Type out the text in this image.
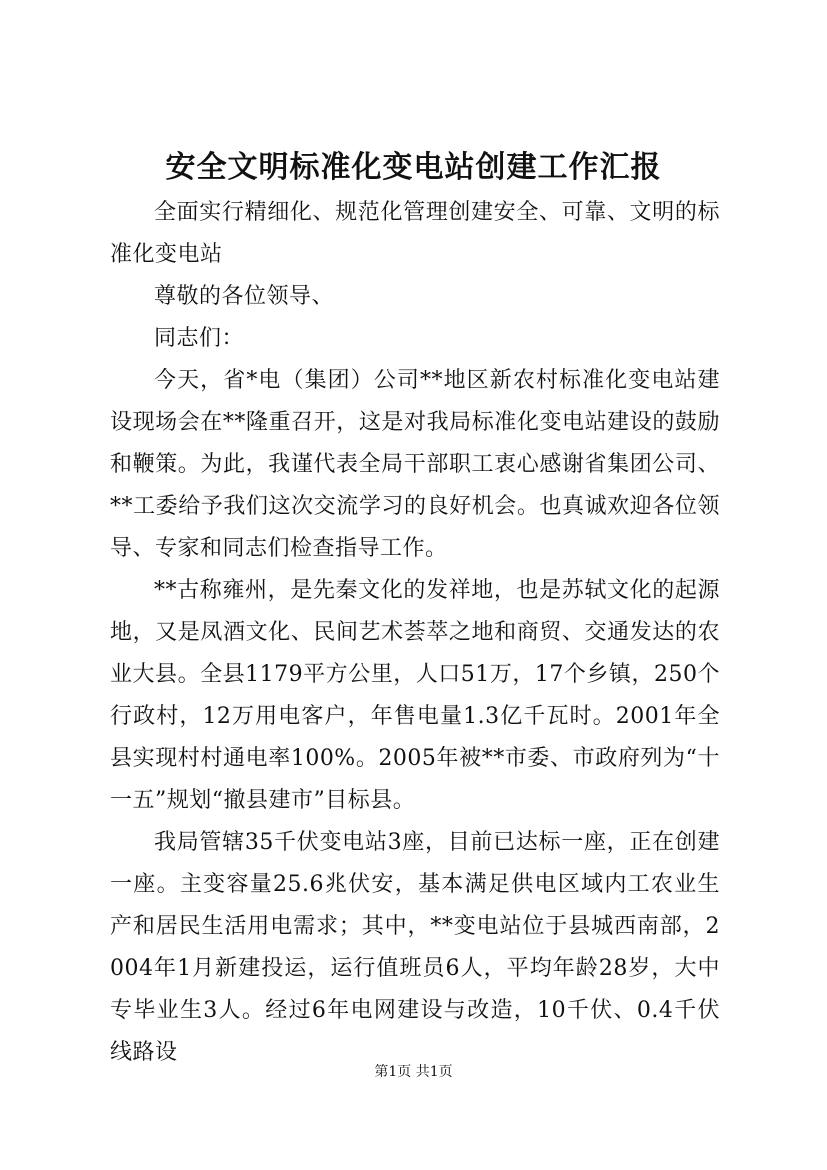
安全文明标准化变电站创建工作汇报

全面实行精细化、规范化管理创建安全、可靠、文明的标准化变电站

尊敬的各位领导、

同志们：

今天，省*电（集团）公司**地区新农村标准化变电站建设现场会在**隆重召开，这是对我局标准化变电站建设的鼓励和鞭策。为此，我谨代表全局干部职工衷心感谢省集团公司、**工委给予我们这次交流学习的良好机会。也真诚欢迎各位领导、专家和同志们检查指导工作。

**古称雍州，是先秦文化的发祥地，也是苏轼文化的起源地，又是凤酒文化、民间艺术荟萃之地和商贸、交通发达的农业大县。全县1179平方公里，人口51万，17个乡镇，250个行政村，12万用电客户，年售电量1.3亿千瓦时。2001年全县实现村村通电率100%。2005年被**市委、市政府列为“十一五”规划“撤县建市”目标县。

我局管辖35千伏变电站3座，目前已达标一座，正在创建一座。主变容量25.6兆伏安，基本满足供电区域内工农业生产和居民生活用电需求；其中，**变电站位于县城西南部，2004年1月新建投运，运行值班员6人，平均年龄28岁，大中专毕业生3人。经过6年电网建设与改造，10千伏、0.4千伏线路设

第1页 共1页
